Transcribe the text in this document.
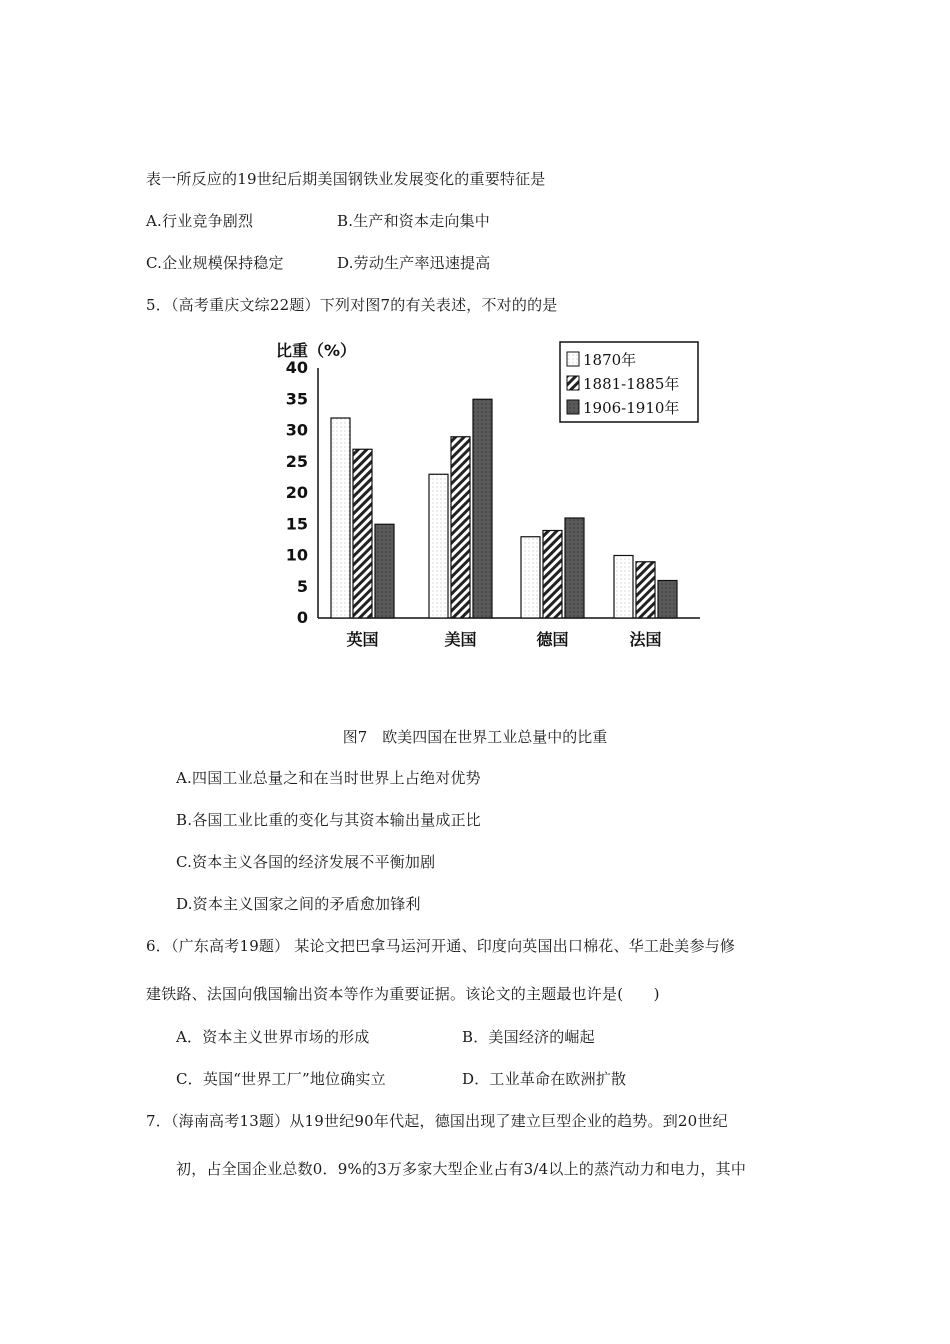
表一所反应的19世纪后期美国钢铁业发展变化的重要特征是
A.行业竞争剧烈	B.生产和资本走向集中
C.企业规模保持稳定	D.劳动生产率迅速提高
5．（高考重庆文综22题）下列对图7的有关表述，不对的的是
比重（%）
0
5
10
15
20
25
30
35
40
英国	美国	德国	法国
1870年
1881-1885年
1906-1910年
图7　欧美四国在世界工业总量中的比重
A.四国工业总量之和在当时世界上占绝对优势
B.各国工业比重的变化与其资本输出量成正比
C.资本主义各国的经济发展不平衡加剧
D.资本主义国家之间的矛盾愈加锋利
6．（广东高考19题） 某论文把巴拿马运河开通、印度向英国出口棉花、华工赴美参与修
建铁路、法国向俄国输出资本等作为重要证据。该论文的主题最也许是(　　)
A．资本主义世界市场的形成	B．美国经济的崛起
C．英国“世界工厂”地位确实立	D．工业革命在欧洲扩散
7．（海南高考13题）从19世纪90年代起，德国出现了建立巨型企业的趋势。到20世纪
初，占全国企业总数0．9%的3万多家大型企业占有3/4以上的蒸汽动力和电力，其中
